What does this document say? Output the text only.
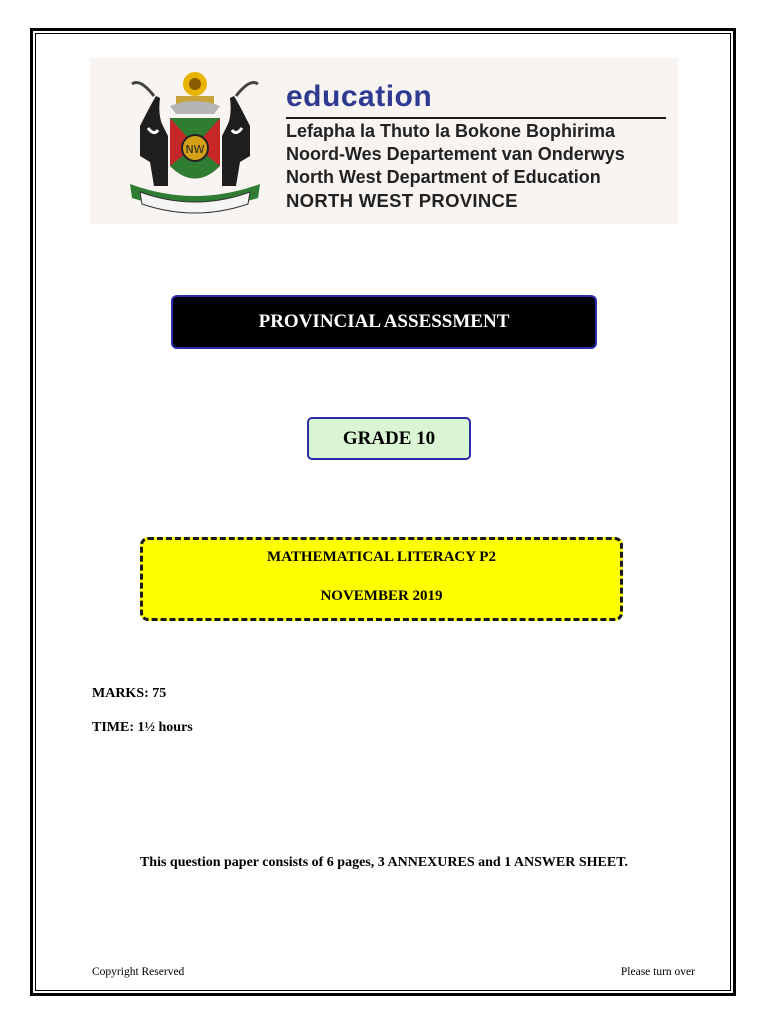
NW
education
Lefapha la Thuto la Bokone Bophirima
Noord-Wes Departement van Onderwys
North West Department of Education
NORTH WEST PROVINCE
PROVINCIAL ASSESSMENT
GRADE 10
MATHEMATICAL LITERACY P2
NOVEMBER 2019
MARKS: 75
TIME: 1½ hours
This question paper consists of 6 pages, 3 ANNEXURES and 1 ANSWER SHEET.
Copyright Reserved	Please turn over
